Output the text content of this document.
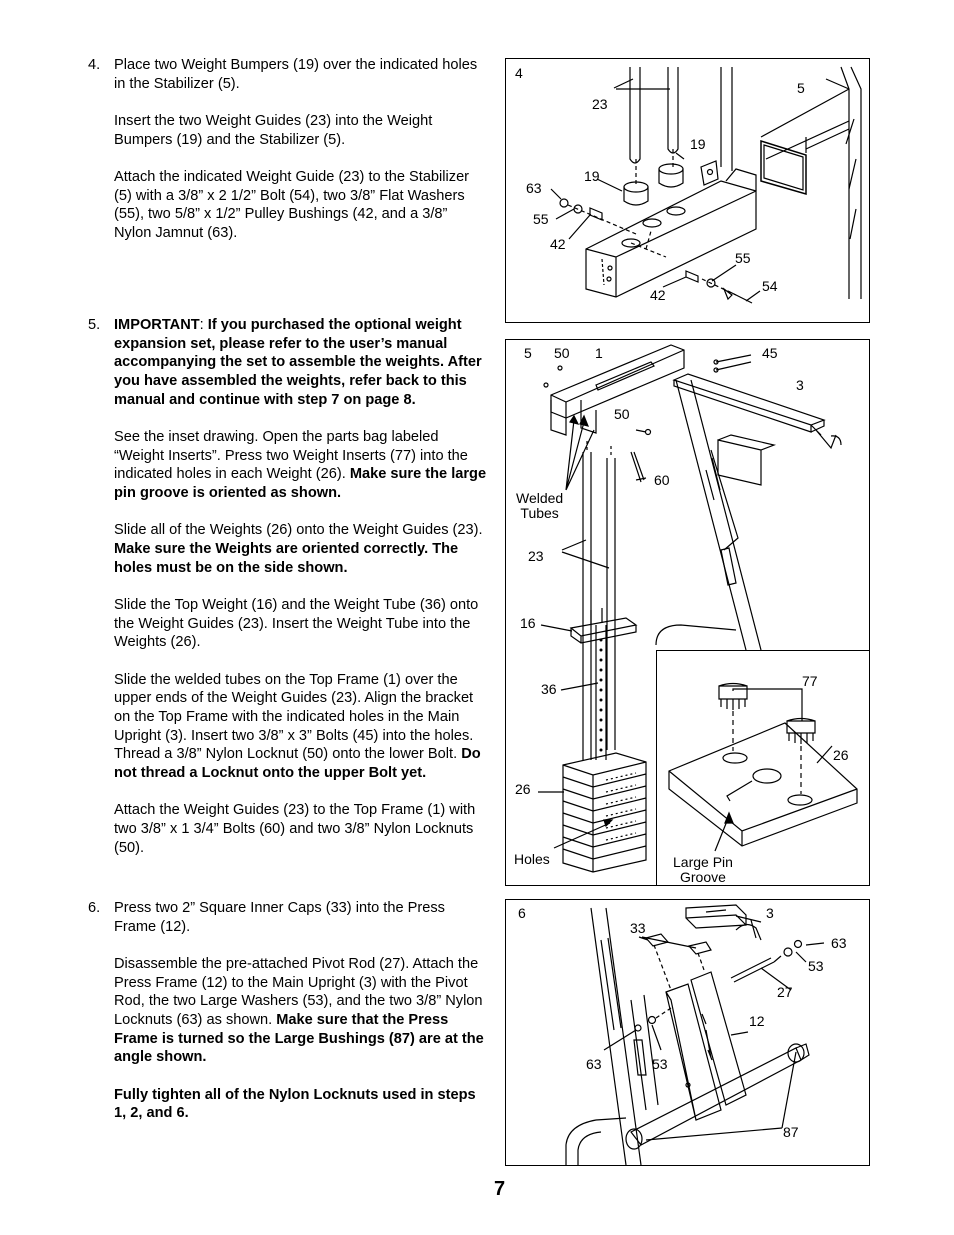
4. Place two Weight Bumpers (19) over the indicated holes in the Stabilizer (5).

Insert the two Weight Guides (23) into the Weight Bumpers (19) and the Stabilizer (5).

Attach the indicated Weight Guide (23) to the Stabilizer (5) with a 3/8” x 2 1/2” Bolt (54), two 3/8” Flat Washers (55), two 5/8” x 1/2” Pulley Bushings (42, and a 3/8” Nylon Jamnut (63).

5. IMPORTANT: If you purchased the optional weight expansion set, please refer to the user’s manual accompanying the set to assemble the weights. After you have assembled the weights, refer back to this manual and continue with step 7 on page 8.

See the inset drawing. Open the parts bag labeled “Weight Inserts”. Press two Weight Inserts (77) into the indicated holes in each Weight (26). Make sure the large pin groove is oriented as shown.

Slide all of the Weights (26) onto the Weight Guides (23). Make sure the Weights are oriented correctly. The holes must be on the side shown.

Slide the Top Weight (16) and the Weight Tube (36) onto the Weight Guides (23). Insert the Weight Tube into the Weights (26).

Slide the welded tubes on the Top Frame (1) over the upper ends of the Weight Guides (23). Align the bracket on the Top Frame with the indicated holes in the Main Upright (3). Insert two 3/8” x 3” Bolts (45) into the holes. Thread a 3/8” Nylon Locknut (50) onto the lower Bolt. Do not thread a Locknut onto the upper Bolt yet.

Attach the Weight Guides (23) to the Top Frame (1) with two 3/8” x 1 3/4” Bolts (60) and two 3/8” Nylon Locknuts (50).

6. Press two 2” Square Inner Caps (33) into the Press Frame (12).

Disassemble the pre-attached Pivot Rod (27). Attach the Press Frame (12) to the Main Upright (3) with the Pivot Rod, the two Large Washers (53), and the two 3/8” Nylon Locknuts (63) as shown. Make sure that the Press Frame is turned so the Large Bushings (87) are at the angle shown.

Fully tighten all of the Nylon Locknuts used in steps 1, 2, and 6.

4
23
5
19
19
63
55
42
55
54
42
77
26

Large Pin
Groove

5 50 1	45
3
50
60

Welded
Tubes

23
16
36
26
Holes
6	3
33
63
53
27
12
63	53
87
7
